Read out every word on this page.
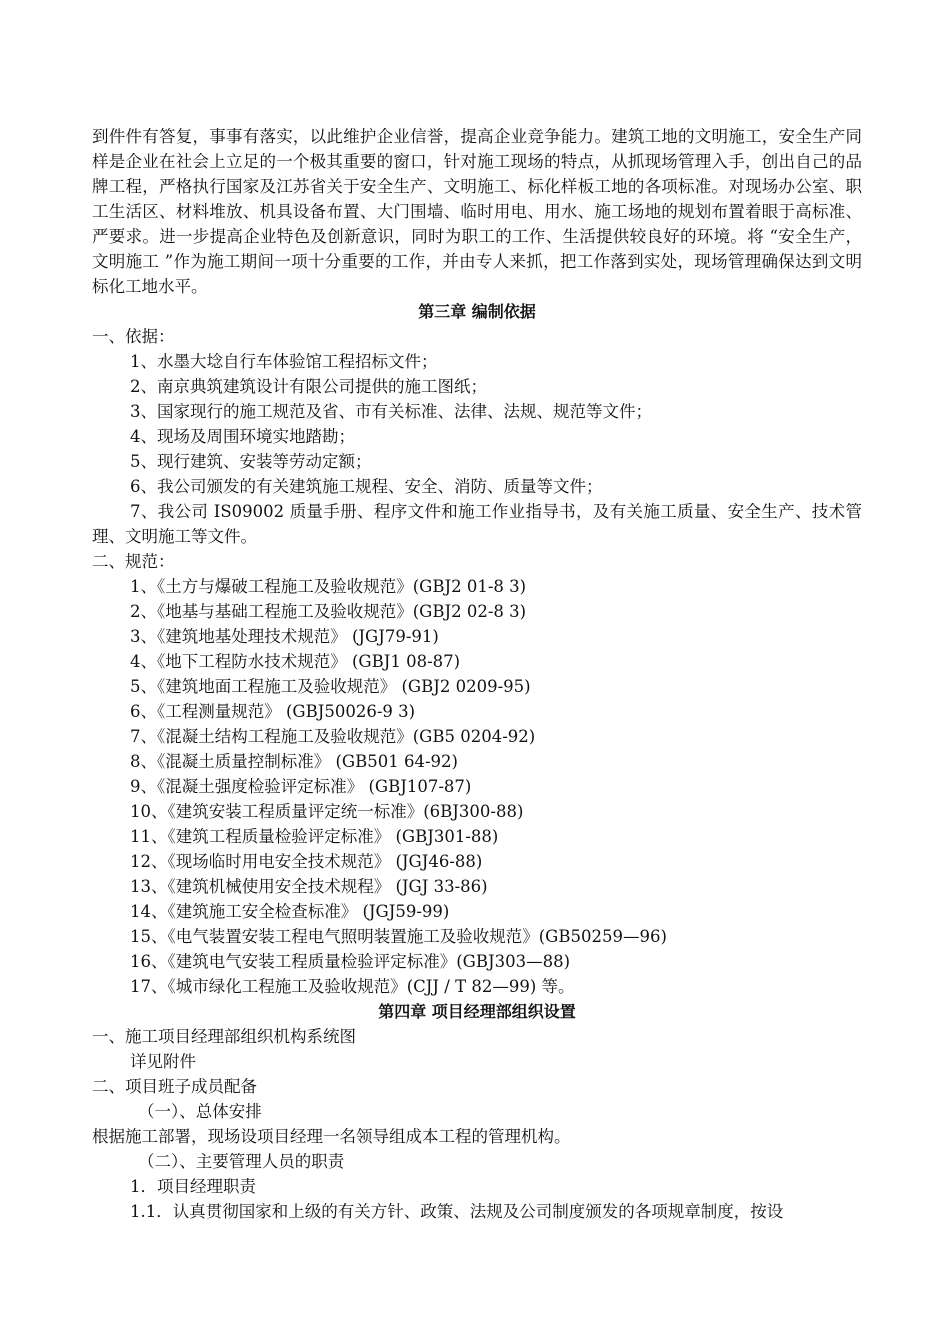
到件件有答复，事事有落实，以此维护企业信誉，提高企业竞争能力。建筑工地的文明施工，安全生产同样是企业在社会上立足的一个极其重要的窗口，针对施工现场的特点，从抓现场管理入手，创出自己的品牌工程，严格执行国家及江苏省关于安全生产、文明施工、标化样板工地的各项标准。对现场办公室、职工生活区、材料堆放、机具设备布置、大门围墙、临时用电、用水、施工场地的规划布置着眼于高标准、严要求。进一步提高企业特色及创新意识，同时为职工的工作、生活提供较良好的环境。将 “安全生产，文明施工 ”作为施工期间一项十分重要的工作，并由专人来抓，把工作落到实处，现场管理确保达到文明标化工地水平。

第三章 编制依据

一、依据：

1、水墨大埝自行车体验馆工程招标文件；
2、南京典筑建筑设计有限公司提供的施工图纸；
3、国家现行的施工规范及省、市有关标准、法律、法规、规范等文件；
4、现场及周围环境实地踏勘；
5、现行建筑、安装等劳动定额；
6、我公司颁发的有关建筑施工规程、安全、消防、质量等文件；

7、我公司 IS09002 质量手册、程序文件和施工作业指导书，及有关施工质量、安全生产、技术管理、文明施工等文件。

二、规范：

1、《土方与爆破工程施工及验收规范》(GBJ2 01-8 3)
2、《地基与基础工程施工及验收规范》(GBJ2 02-8 3)
3、《建筑地基处理技术规范》 (JGJ79-91)
4、《地下工程防水技术规范》 (GBJ1 08-87)
5、《建筑地面工程施工及验收规范》 (GBJ2 0209-95)
6、《工程测量规范》 (GBJ50026-9 3)
7、《混凝土结构工程施工及验收规范》(GB5 0204-92)
8、《混凝土质量控制标准》 (GB501 64-92)
9、《混凝土强度检验评定标准》 (GBJ107-87)
10、《建筑安装工程质量评定统一标准》(6BJ300-88)
11、《建筑工程质量检验评定标准》 (GBJ301-88)
12、《现场临时用电安全技术规范》 (JGJ46-88)
13、《建筑机械使用安全技术规程》 (JGJ 33-86)
14、《建筑施工安全检查标准》 (JGJ59-99)
15、《电气装置安装工程电气照明装置施工及验收规范》(GB50259—96)
16、《建筑电气安装工程质量检验评定标准》(GBJ303—88)
17、《城市绿化工程施工及验收规范》(CJJ / T 82—99) 等。

第四章 项目经理部组织设置

一、施工项目经理部组织机构系统图

详见附件

二、项目班子成员配备

（一）、总体安排

根据施工部署，现场设项目经理一名领导组成本工程的管理机构。

（二）、主要管理人员的职责

1．项目经理职责

1.1．认真贯彻国家和上级的有关方针、政策、法规及公司制度颁发的各项规章制度，按设
